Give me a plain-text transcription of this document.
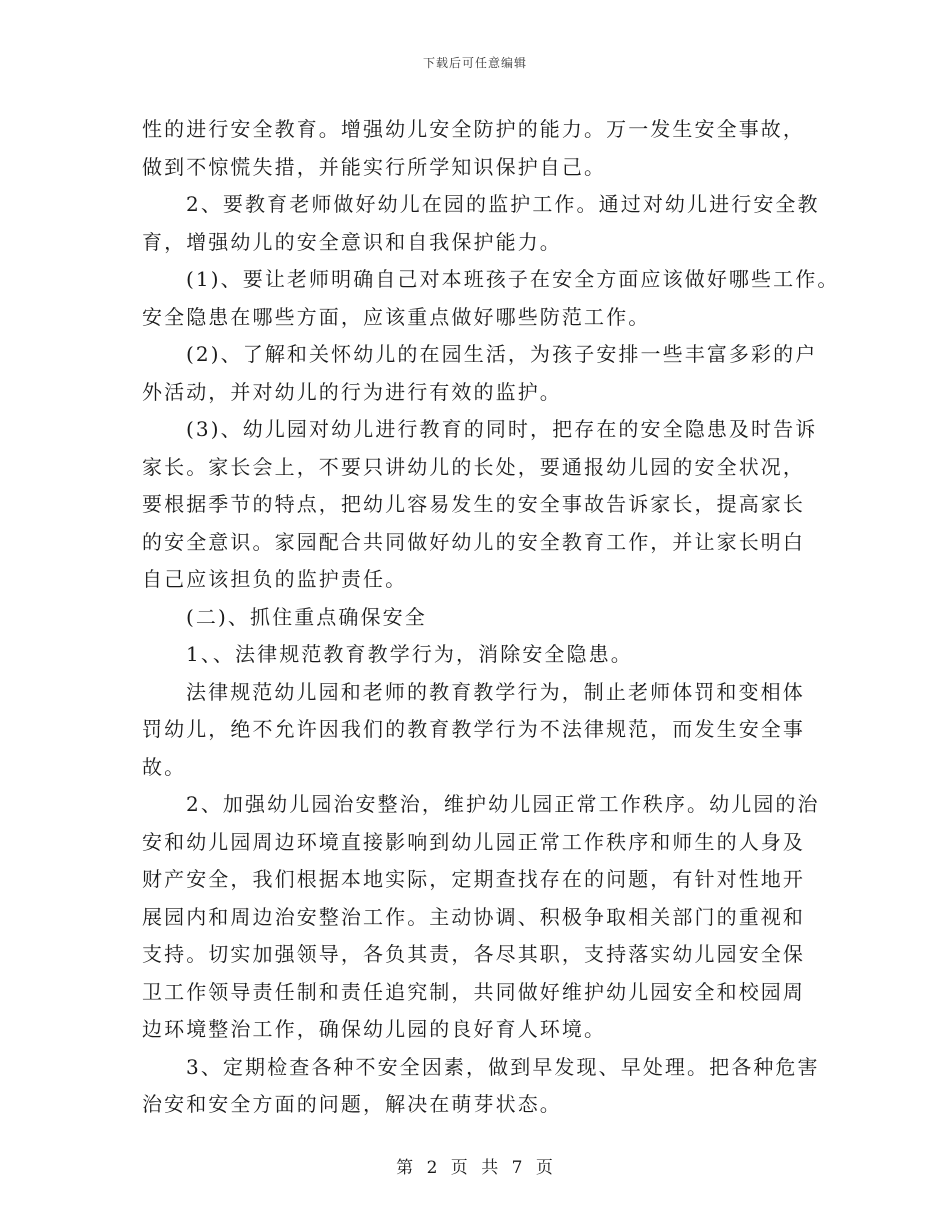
下载后可任意编辑
性的进行安全教育。增强幼儿安全防护的能力。万一发生安全事故，
做到不惊慌失措，并能实行所学知识保护自己。
2、要教育老师做好幼儿在园的监护工作。通过对幼儿进行安全教
育，增强幼儿的安全意识和自我保护能力。
(1)、要让老师明确自己对本班孩子在安全方面应该做好哪些工作。
安全隐患在哪些方面，应该重点做好哪些防范工作。
(2)、了解和关怀幼儿的在园生活，为孩子安排一些丰富多彩的户
外活动，并对幼儿的行为进行有效的监护。
(3)、幼儿园对幼儿进行教育的同时，把存在的安全隐患及时告诉
家长。家长会上，不要只讲幼儿的长处，要通报幼儿园的安全状况，
要根据季节的特点，把幼儿容易发生的安全事故告诉家长，提高家长
的安全意识。家园配合共同做好幼儿的安全教育工作，并让家长明白
自己应该担负的监护责任。
(二)、抓住重点确保安全
1、、法律规范教育教学行为，消除安全隐患。
法律规范幼儿园和老师的教育教学行为，制止老师体罚和变相体
罚幼儿，绝不允许因我们的教育教学行为不法律规范，而发生安全事
故。
2、加强幼儿园治安整治，维护幼儿园正常工作秩序。幼儿园的治
安和幼儿园周边环境直接影响到幼儿园正常工作秩序和师生的人身及
财产安全，我们根据本地实际，定期查找存在的问题，有针对性地开
展园内和周边治安整治工作。主动协调、积极争取相关部门的重视和
支持。切实加强领导，各负其责，各尽其职，支持落实幼儿园安全保
卫工作领导责任制和责任追究制，共同做好维护幼儿园安全和校园周
边环境整治工作，确保幼儿园的良好育人环境。
3、定期检查各种不安全因素，做到早发现、早处理。把各种危害
治安和安全方面的问题，解决在萌芽状态。
第 2 页 共 7 页
